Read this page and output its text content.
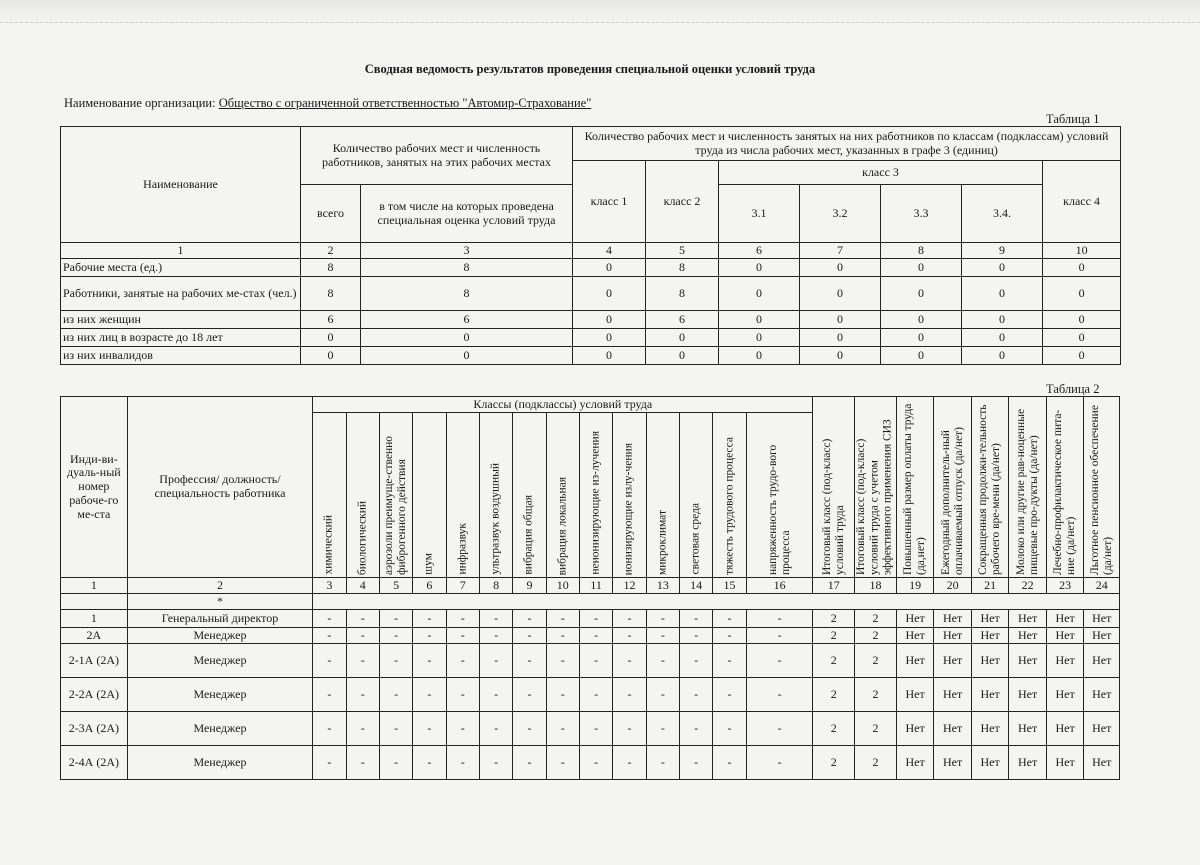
Сводная ведомость результатов проведения специальной оценки условий труда
Наименование организации: Общество с ограниченной ответственностью "Автомир-Страхование"
Таблица 1
Наименование	Количество рабочих мест и численность работников, занятых на этих рабочих местах		Количество рабочих мест и численность занятых на них работников по классам (подклассам) условий труда из числа рабочих мест, указанных в графе 3 (единиц)						
			класс 1	класс 2	класс 3				класс 4
	всего	в том числе на которых проведена специальная оценка условий труда			3.1	3.2	3.3	3.4.	
1	2	3	4	5	6	7	8	9	10
Рабочие места (ед.)	8	8	0	8	0	0	0	0	0
Работники, занятые на рабочих ме-стах (чел.)	8	8	0	8	0	0	0	0	0
из них женщин	6	6	0	6	0	0	0	0	0
из них лиц в возрасте до 18 лет	0	0	0	0	0	0	0	0	0
из них инвалидов	0	0	0	0	0	0	0	0	0
Таблица 2
Инди-ви-дуаль-ный номер рабоче-го ме-ста	Профессия/ должность/ специальность работника	Классы (подклассы) условий труда														Итоговый класс (под-класс) условий труда	Итоговый класс (под-класс) условий труда с учетом эффективного применения СИЗ	Повышенный размер оплаты труда (да,нет)	Ежегодный дополнитель-ный оплачиваемый отпуск (да/нет)	Сокращенная продолжи-тельность рабочего вре-мени (да/нет)	Молоко или другие рав-ноценные пищевые про-дукты (да/нет)	Лечебно-профилактическое пита-ние (да/нет)	Льготное пенсионное обеспечение (да/нет)

		химический	биологический	аэрозоли преимуще-ственно фиброгенного действия	шум	инфразвук	ультразвук воздушный	вибрация общая	вибрация локальная	неионизирующие из-лучения	ионизирующие излу-чения	микроклимат	световая среда	тяжесть трудового процесса	напряженность трудо-вого процесса								

1	2	3	4	5	6	7	8	9	10	11	12	13	14	15	16	17	18	19	20	21	22	23	24
	*																						
1	Генеральный директор	-	-	-	-	-	-	-	-	-	-	-	-	-	-	2	2	Нет	Нет	Нет	Нет	Нет	Нет
2А	Менеджер	-	-	-	-	-	-	-	-	-	-	-	-	-	-	2	2	Нет	Нет	Нет	Нет	Нет	Нет
2-1А (2А)	Менеджер	-	-	-	-	-	-	-	-	-	-	-	-	-	-	2	2	Нет	Нет	Нет	Нет	Нет	Нет
2-2А (2А)	Менеджер	-	-	-	-	-	-	-	-	-	-	-	-	-	-	2	2	Нет	Нет	Нет	Нет	Нет	Нет
2-3А (2А)	Менеджер	-	-	-	-	-	-	-	-	-	-	-	-	-	-	2	2	Нет	Нет	Нет	Нет	Нет	Нет
2-4А (2А)	Менеджер	-	-	-	-	-	-	-	-	-	-	-	-	-	-	2	2	Нет	Нет	Нет	Нет	Нет	Нет
